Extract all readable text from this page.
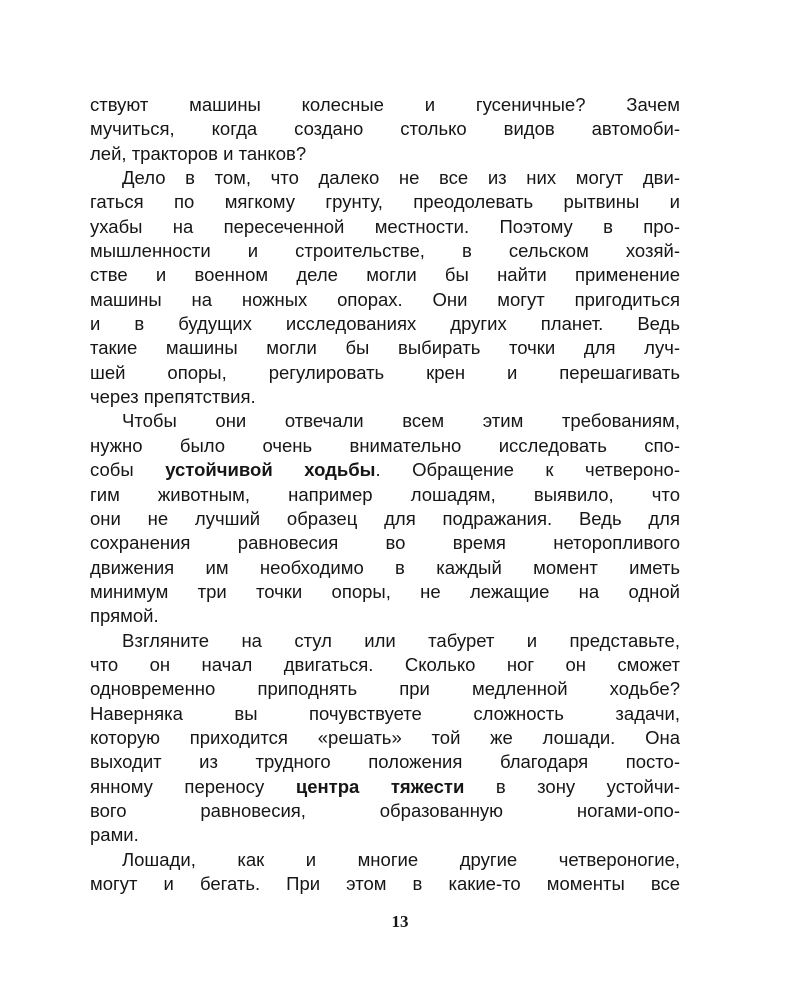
ствуют машины колесные и гусеничные? Зачем
мучиться, когда создано столько видов автомоби-
лей, тракторов и танков?
Дело в том, что далеко не все из них могут дви-
гаться по мягкому грунту, преодолевать рытвины и
ухабы на пересеченной местности. Поэтому в про-
мышленности и строительстве, в сельском хозяй-
стве и военном деле могли бы найти применение
машины на ножных опорах. Они могут пригодиться
и в будущих исследованиях других планет. Ведь
такие машины могли бы выбирать точки для луч-
шей опоры, регулировать крен и перешагивать
через препятствия.
Чтобы они отвечали всем этим требованиям,
нужно было очень внимательно исследовать спо-
собы устойчивой ходьбы. Обращение к четвероно-
гим животным, например лошадям, выявило, что
они не лучший образец для подражания. Ведь для
сохранения равновесия во время неторопливого
движения им необходимо в каждый момент иметь
минимум три точки опоры, не лежащие на одной
прямой.
Взгляните на стул или табурет и представьте,
что он начал двигаться. Сколько ног он сможет
одновременно приподнять при медленной ходьбе?
Наверняка вы почувствуете сложность задачи,
которую приходится «решать» той же лошади. Она
выходит из трудного положения благодаря посто-
янному переносу центра тяжести в зону устойчи-
вого равновесия, образованную ногами-опо-
рами.
Лошади, как и многие другие четвероногие,
могут и бегать. При этом в какие-то моменты все
13
